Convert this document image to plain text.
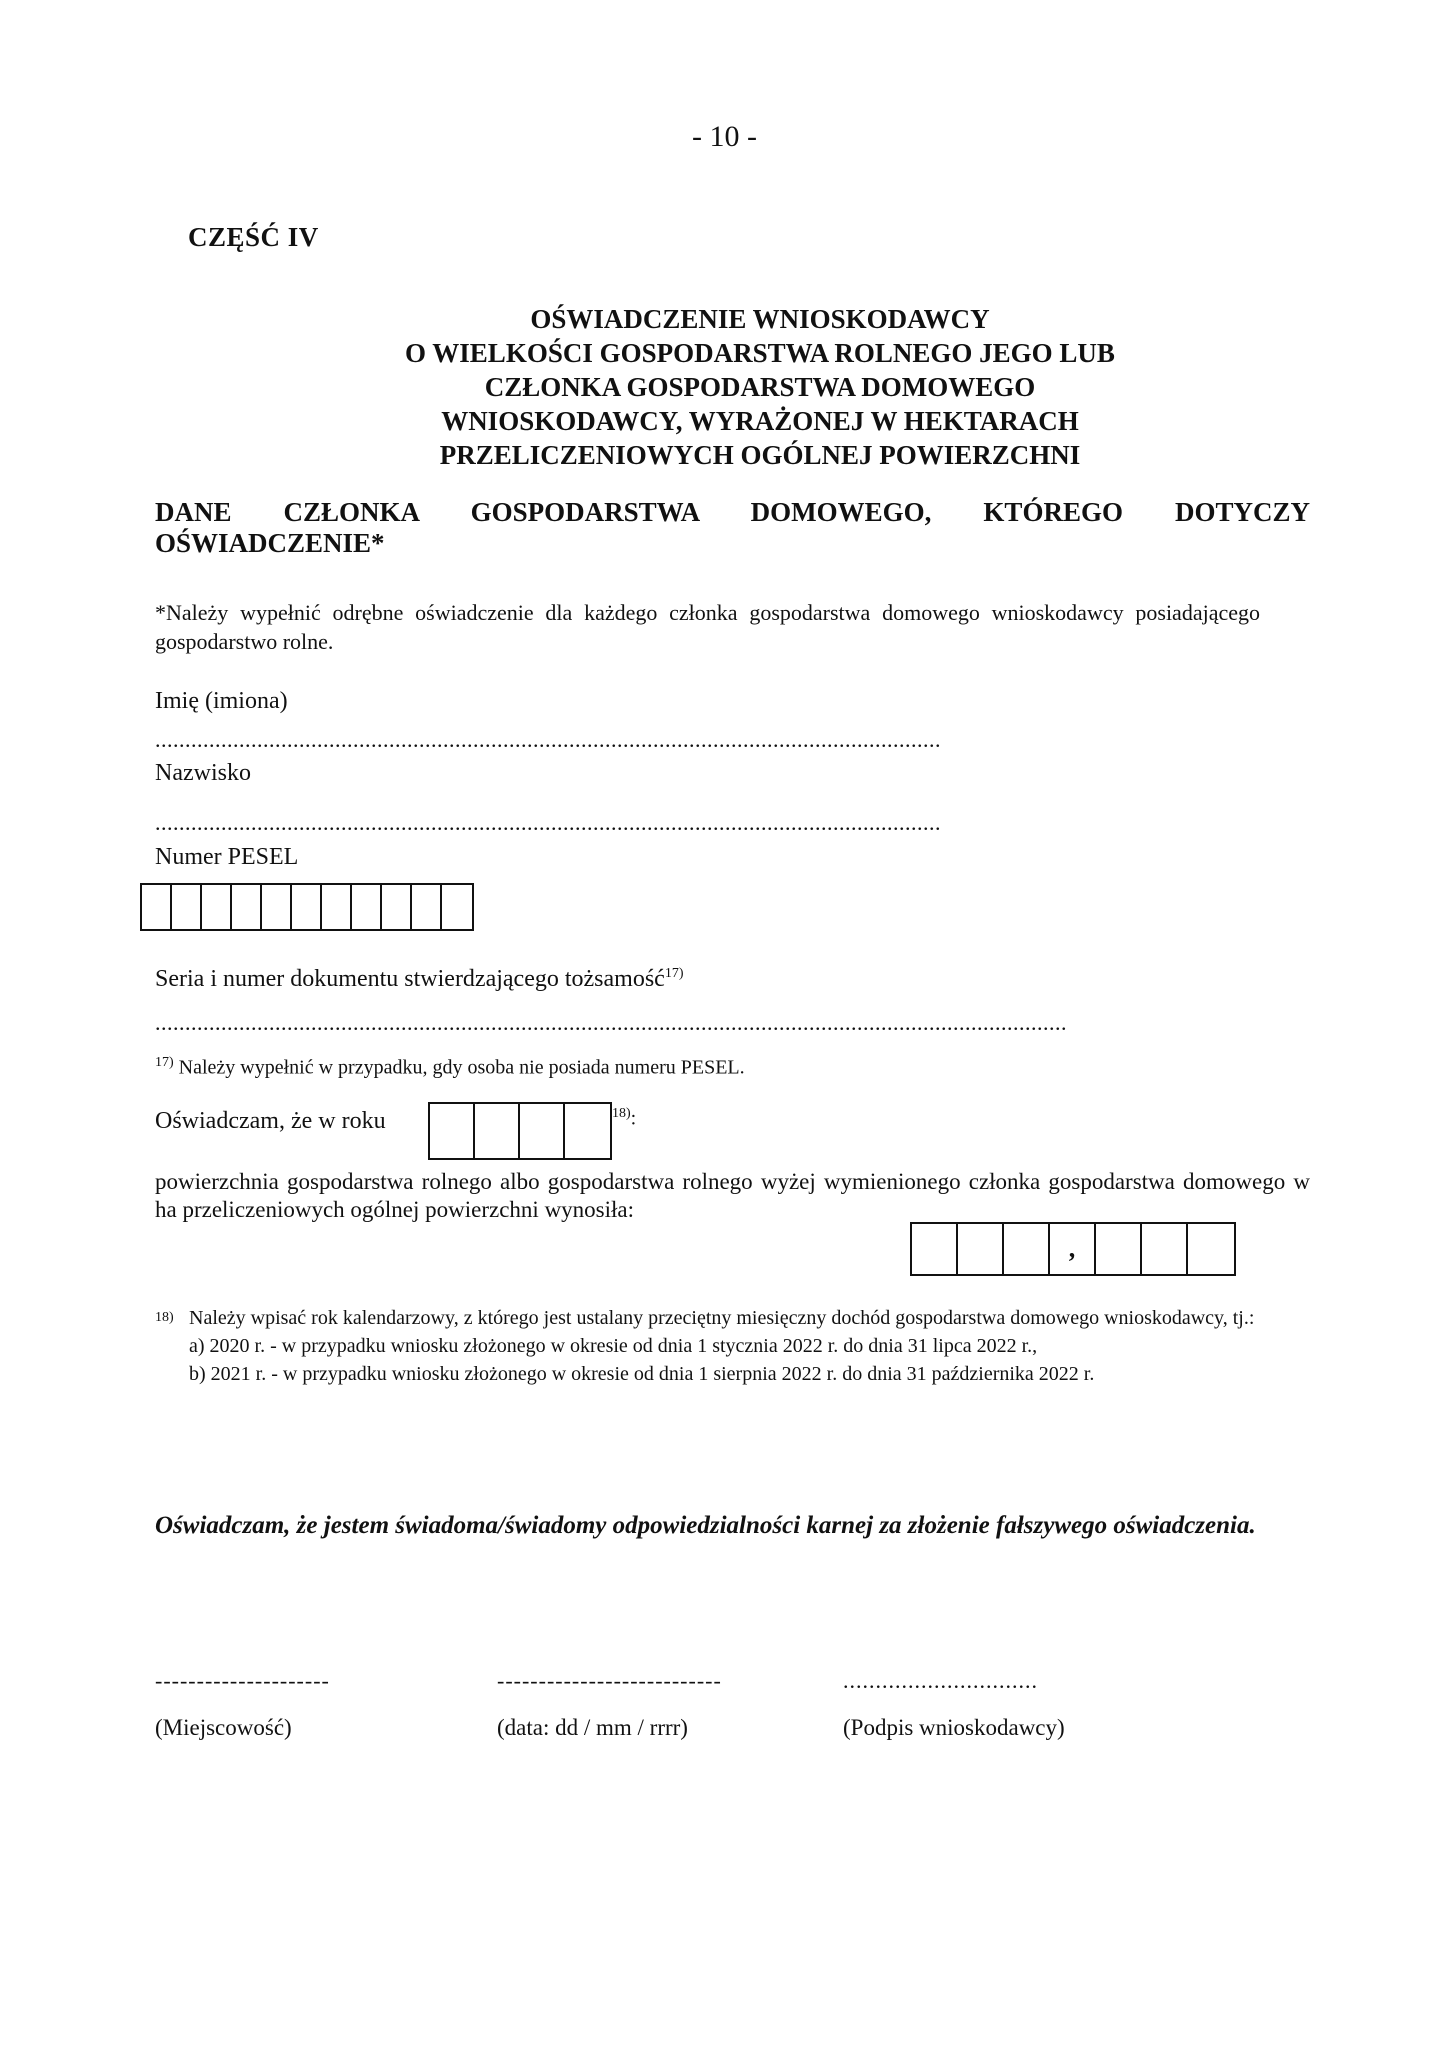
- 10 -
CZĘŚĆ IV
OŚWIADCZENIE WNIOSKODAWCY
O WIELKOŚCI GOSPODARSTWA ROLNEGO JEGO LUB
CZŁONKA GOSPODARSTWA DOMOWEGO
WNIOSKODAWCY, WYRAŻONEJ W HEKTARACH
PRZELICZENIOWYCH OGÓLNEJ POWIERZCHNI
DANE CZŁONKA GOSPODARSTWA DOMOWEGO, KTÓREGO DOTYCZY
OŚWIADCZENIE*
*Należy wypełnić odrębne oświadczenie dla każdego członka gospodarstwa domowego wnioskodawcy posiadającego gospodarstwo rolne.
Imię (imiona)
...................................................................................................................................
Nazwisko
...................................................................................................................................
Numer PESEL
Seria i numer dokumentu stwierdzającego tożsamość$^{17)}$
........................................................................................................................................................
$^{17)}$ Należy wypełnić w przypadku, gdy osoba nie posiada numeru PESEL.
Oświadczam, że w roku	$^{18)}$:
powierzchnia gospodarstwa rolnego albo gospodarstwa rolnego wyżej wymienionego członka gospodarstwa domowego w ha przeliczeniowych ogólnej powierzchni wynosiła:
,
18) Należy wpisać rok kalendarzowy, z którego jest ustalany przeciętny miesięczny dochód gospodarstwa domowego wnioskodawcy, tj.:
a) 2020 r. - w przypadku wniosku złożonego w okresie od dnia 1 stycznia 2022 r. do dnia 31 lipca 2022 r.,
b) 2021 r. - w przypadku wniosku złożonego w okresie od dnia 1 sierpnia 2022 r. do dnia 31 października 2022 r.
Oświadczam, że jestem świadoma/świadomy odpowiedzialności karnej za złożenie fałszywego oświadczenia.
---------------------
(Miejscowość)
---------------------------
(data: dd / mm / rrrr)
..............................
(Podpis wnioskodawcy)
